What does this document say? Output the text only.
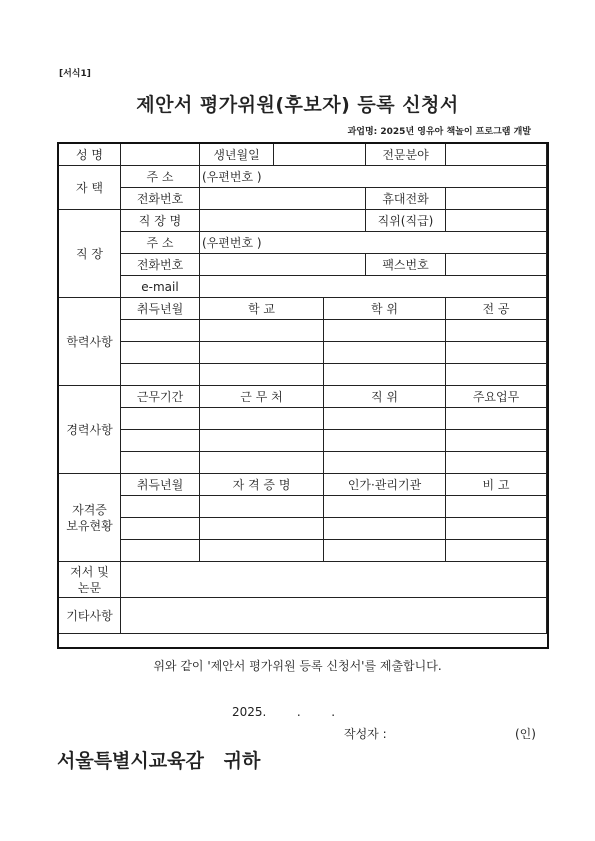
[서식1]
제안서 평가위원(후보자) 등록 신청서
과업명: 2025년 영유아 책놀이 프로그램 개발
성 명		생년월일			전문분야	
자 택	주 소	(우편번호 )				
	전화번호				휴대전화	
직 장	직 장 명				직위(직급)	
	주 소	(우편번호 )				
	전화번호				팩스번호	
	e-mail					
학력사항	취득년월	학 교		학 위		전 공

경력사항	근무기간	근 무 처		직 위		주요업무

자격증
보유현황	취득년월	자 격 증 명		인가·관리기관		비 고

저서 및
논문						

기타사항						
위와 같이 '제안서 평가위원 등록 신청서'를 제출합니다.
2025.        .        .
작성자 :	(인)
서울특별시교육감   귀하
